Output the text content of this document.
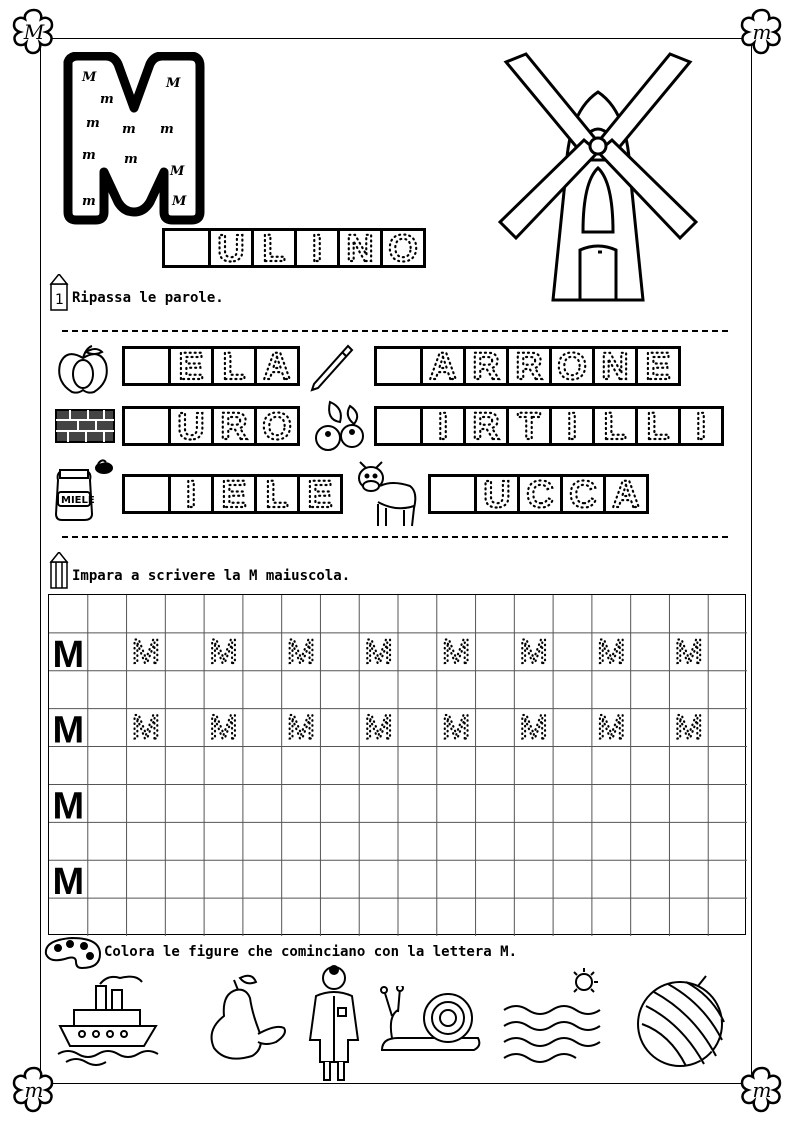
M	m
m	m
M	M
m
m m m
m m
M
m	M
1 Ripassa le parole.
MIELE
Impara a scrivere la M maiuscola.
M M M M M M M M M
M M M M M M M M M
M
M
Colora le figure che cominciano con la lettera M.
